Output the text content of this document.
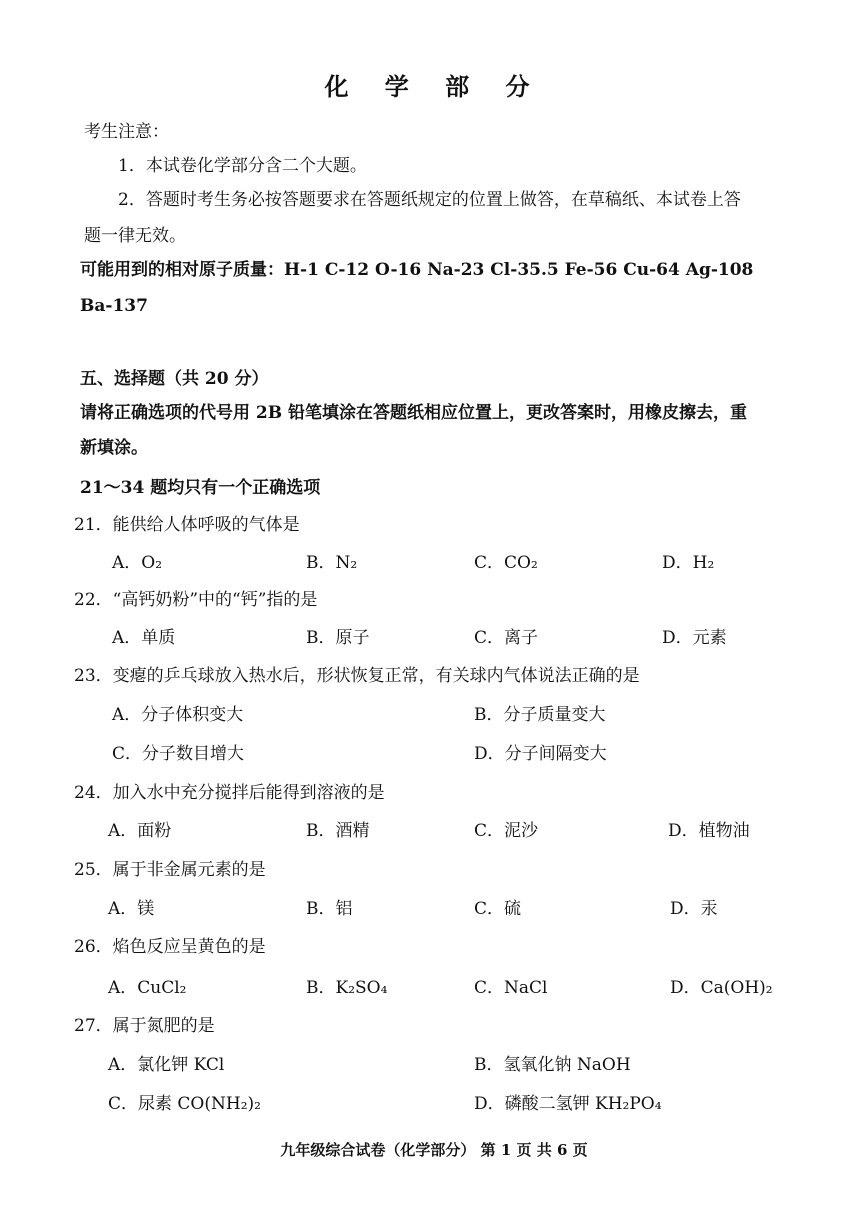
化 学 部 分
考生注意：
1．本试卷化学部分含二个大题。
2．答题时考生务必按答题要求在答题纸规定的位置上做答，在草稿纸、本试卷上答
题一律无效。
可能用到的相对原子质量：H-1 C-12 O-16 Na-23 Cl-35.5 Fe-56 Cu-64 Ag-108
Ba-137
五、选择题（共 20 分）
请将正确选项的代号用 2B 铅笔填涂在答题纸相应位置上，更改答案时，用橡皮擦去，重
新填涂。
21～34 题均只有一个正确选项
21．能供给人体呼吸的气体是
A．O₂	B．N₂	C．CO₂	D．H₂
22．“高钙奶粉”中的“钙”指的是
A．单质	B．原子	C．离子	D．元素
23．变瘪的乒乓球放入热水后，形状恢复正常，有关球内气体说法正确的是
A．分子体积变大	B．分子质量变大
C．分子数目增大	D．分子间隔变大
24．加入水中充分搅拌后能得到溶液的是
A．面粉	B．酒精	C．泥沙	D．植物油
25．属于非金属元素的是
A．镁	B．铝	C．硫	D．汞
26．焰色反应呈黄色的是
A．CuCl₂	B．K₂SO₄	C．NaCl	D．Ca(OH)₂
27．属于氮肥的是
A．氯化钾 KCl	B．氢氧化钠 NaOH
C．尿素 CO(NH₂)₂	D．磷酸二氢钾 KH₂PO₄
九年级综合试卷（化学部分） 第 1 页 共 6 页
